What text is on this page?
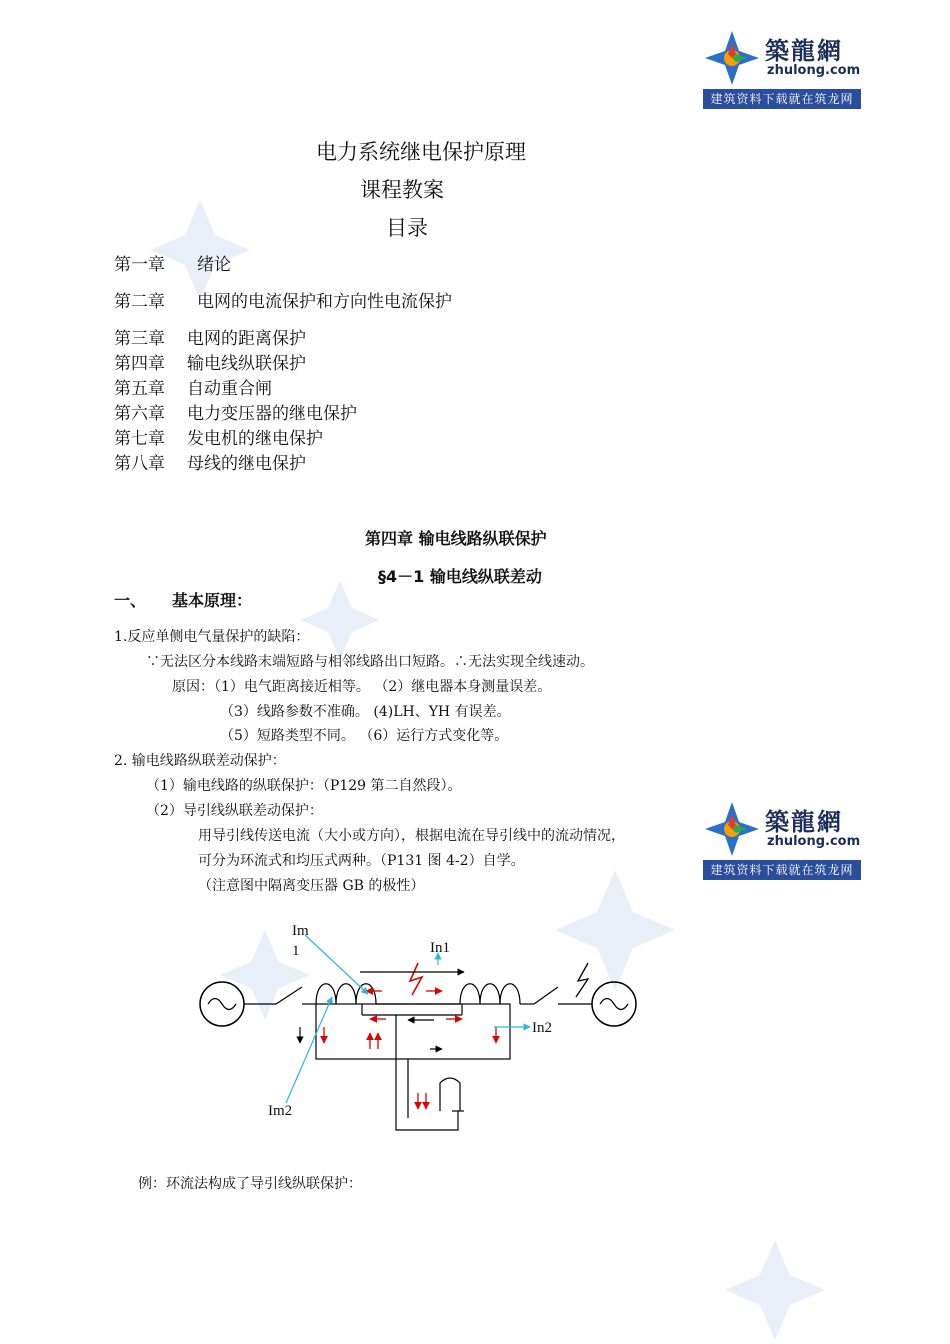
築龍網
zhulong.com
建筑资料下载就在筑龙网
电力系统继电保护原理
课程教案
目录
第一章 绪论
第二章 电网的电流保护和方向性电流保护
第三章 电网的距离保护
第四章 输电线纵联保护
第五章 自动重合闸
第六章 电力变压器的继电保护
第七章 发电机的继电保护
第八章 母线的继电保护
第四章 输电线路纵联保护
§4－1 输电线纵联差动
一、 基本原理：
1.反应单侧电气量保护的缺陷：
∵无法区分本线路末端短路与相邻线路出口短路。∴无法实现全线速动。
原因：（1）电气距离接近相等。 （2）继电器本身测量误差。
（3）线路参数不准确。 (4)LH、YH 有误差。
（5）短路类型不同。 （6）运行方式变化等。
2. 输电线路纵联差动保护：
（1）输电线路的纵联保护：（P129 第二自然段）。
（2）导引线纵联差动保护：
用导引线传送电流（大小或方向），根据电流在导引线中的流动情况，
可分为环流式和均压式两种。（P131 图 4-2）自学。
（注意图中隔离变压器 GB 的极性）
例：环流法构成了导引线纵联保护：
築龍網
zhulong.com
建筑资料下载就在筑龙网
Im
1	In1
In2
Im2
